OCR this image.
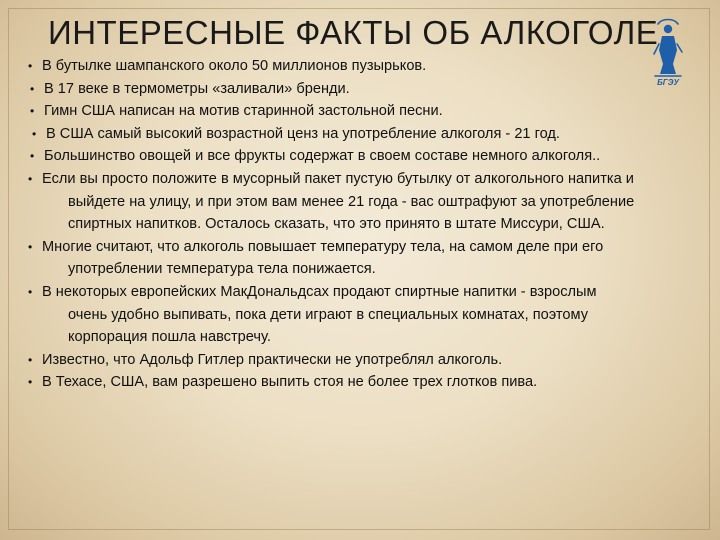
ИНТЕРЕСНЫЕ ФАКТЫ ОБ АЛКОГОЛЕ
БГЭУ
• В бутылке шампанского около 50 миллионов пузырьков.
• В 17 веке в термометры «заливали» бренди.
• Гимн США написан на мотив старинной застольной песни.
• В США самый высокий возрастной ценз на употребление алкоголя - 21 год.
• Большинство овощей и все фрукты содержат в своем составе немного алкоголя..
• Если вы просто положите в мусорный пакет пустую бутылку от алкогольного напитка и
выйдете на улицу, и при этом вам менее 21 года - вас оштрафуют за употребление
спиртных напитков. Осталось сказать, что это принято в штате Миссури, США.
• Многие считают, что алкоголь повышает температуру тела, на самом деле при его
употреблении температура тела понижается.
• В некоторых европейских МакДональдсах продают спиртные напитки - взрослым
очень удобно выпивать, пока дети играют в специальных комнатах, поэтому
корпорация пошла навстречу.
• Известно, что Адольф Гитлер практически не употреблял алкоголь.
• В Техасе, США, вам разрешено выпить стоя не более трех глотков пива.
